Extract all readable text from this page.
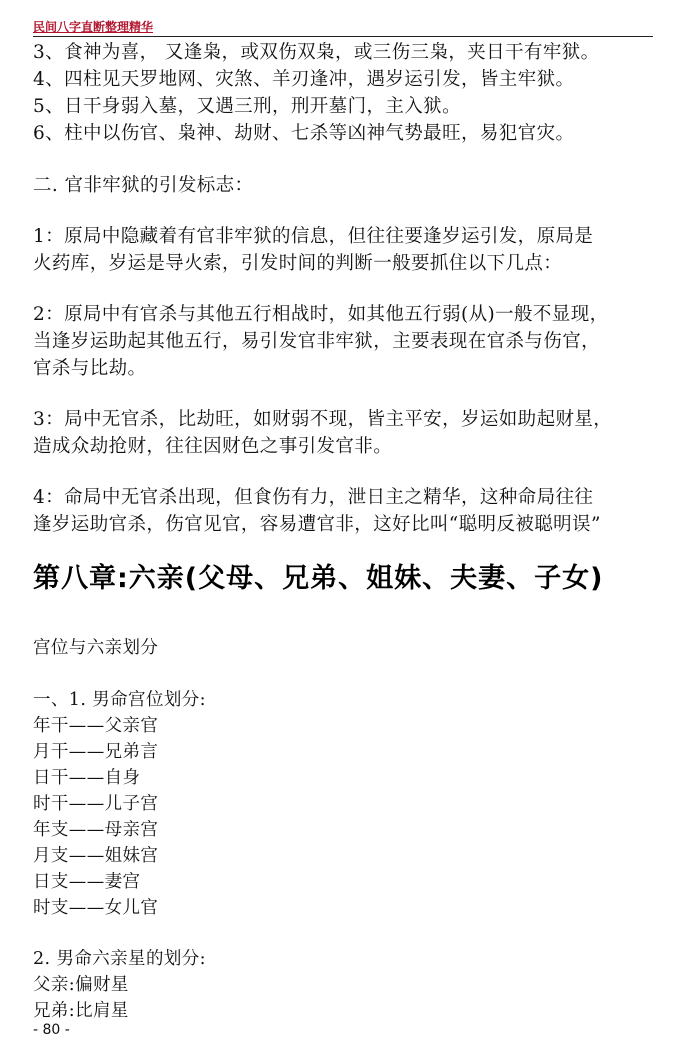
民间八字直断整理精华
3、食神为喜， 又逢枭，或双伤双枭，或三伤三枭，夹日干有牢狱。
4、四柱见天罗地网、灾煞、羊刃逢冲，遇岁运引发，皆主牢狱。
5、日干身弱入墓，又遇三刑，刑开墓门，主入狱。
6、柱中以伤官、枭神、劫财、七杀等凶神气势最旺，易犯官灾。
二. 官非牢狱的引发标志：
1：原局中隐藏着有官非牢狱的信息，但往往要逢岁运引发，原局是
火药库，岁运是导火索，引发时间的判断一般要抓住以下几点：
2：原局中有官杀与其他五行相战时，如其他五行弱(从)一般不显现，
当逢岁运助起其他五行，易引发官非牢狱，主要表现在官杀与伤官，
官杀与比劫。
3：局中无官杀，比劫旺，如财弱不现，皆主平安，岁运如助起财星，
造成众劫抢财，往往因财色之事引发官非。
4：命局中无官杀出现，但食伤有力，泄日主之精华，这种命局往往
逢岁运助官杀，伤官见官，容易遭官非，这好比叫“聪明反被聪明误”
第八章:六亲(父母、兄弟、姐妹、夫妻、子女)
宫位与六亲划分
一、1. 男命宫位划分:
年干——父亲官
月干——兄弟言
日干——自身
时干——儿子宫
年支——母亲宫
月支——姐妹宫
日支——妻宫
时支——女儿官
2. 男命六亲星的划分:
父亲:偏财星
兄弟:比肩星
- 80 -
